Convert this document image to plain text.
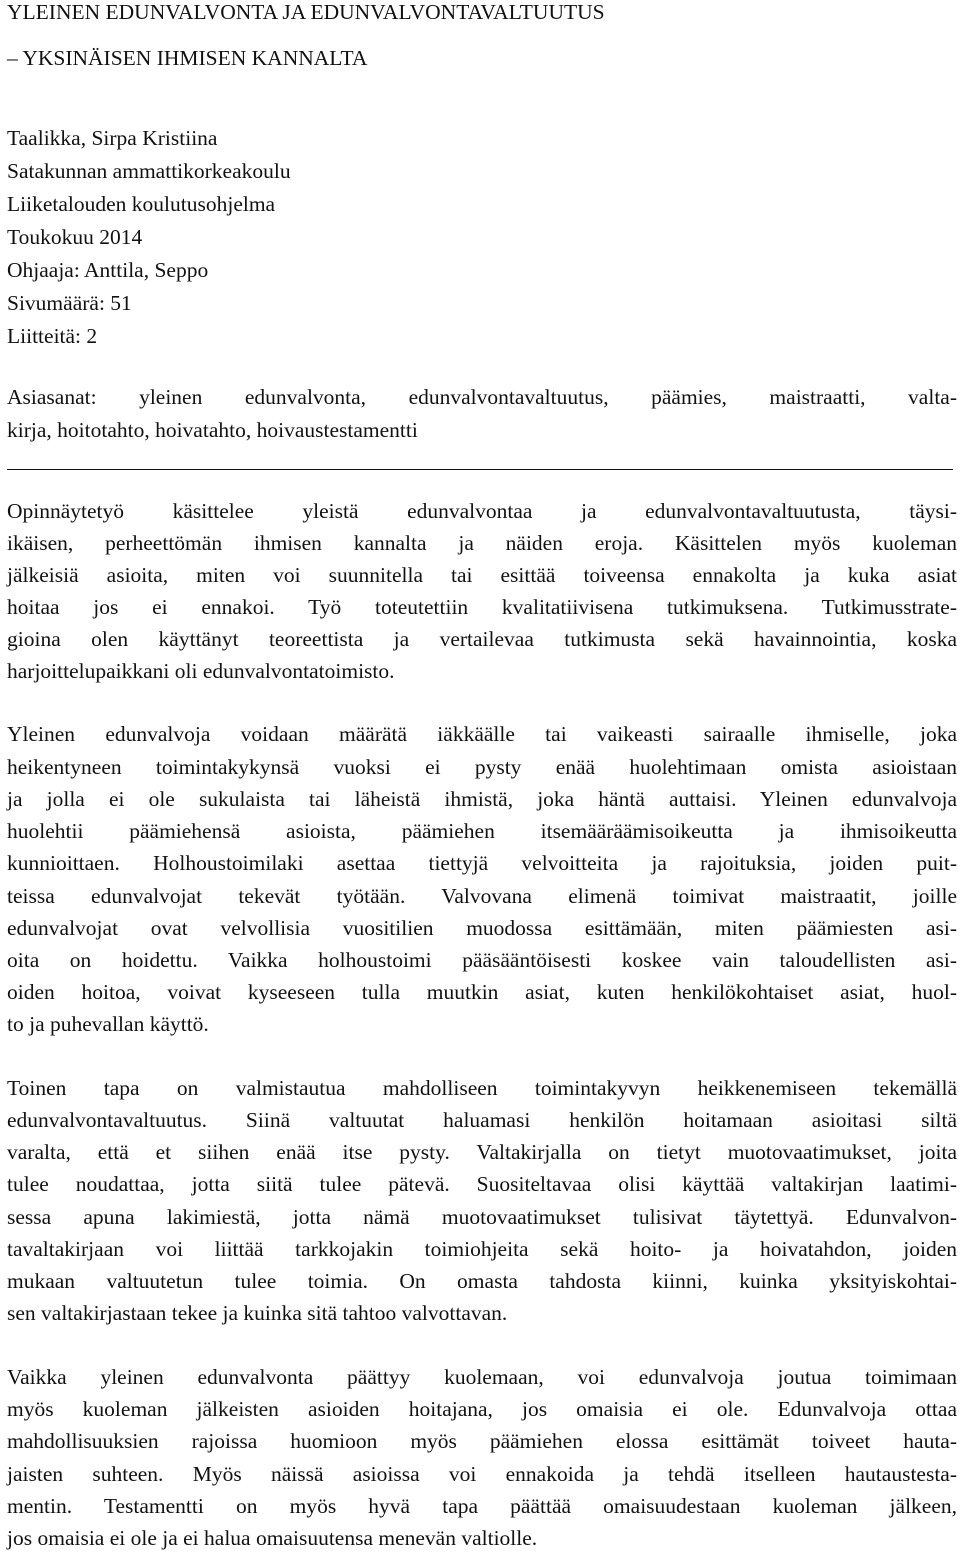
YLEINEN EDUNVALVONTA JA EDUNVALVONTAVALTUUTUS
– YKSINÄISEN IHMISEN KANNALTA
Taalikka, Sirpa Kristiina
Satakunnan ammattikorkeakoulu
Liiketalouden koulutusohjelma
Toukokuu 2014
Ohjaaja: Anttila, Seppo
Sivumäärä: 51
Liitteitä: 2
Asiasanat: yleinen edunvalvonta, edunvalvontavaltuutus, päämies, maistraatti, valta-
kirja, hoitotahto, hoivatahto, hoivaustestamentti
Opinnäytetyö käsittelee yleistä edunvalvontaa ja edunvalvontavaltuutusta, täysi-
ikäisen, perheettömän ihmisen kannalta ja näiden eroja. Käsittelen myös kuoleman
jälkeisiä asioita, miten voi suunnitella tai esittää toiveensa ennakolta ja kuka asiat
hoitaa jos ei ennakoi. Työ toteutettiin kvalitatiivisena tutkimuksena. Tutkimusstrate-
gioina olen käyttänyt teoreettista ja vertailevaa tutkimusta sekä havainnointia, koska
harjoittelupaikkani oli edunvalvontatoimisto.
Yleinen edunvalvoja voidaan määrätä iäkkäälle tai vaikeasti sairaalle ihmiselle, joka
heikentyneen toimintakykynsä vuoksi ei pysty enää huolehtimaan omista asioistaan
ja jolla ei ole sukulaista tai läheistä ihmistä, joka häntä auttaisi. Yleinen edunvalvoja
huolehtii päämiehensä asioista, päämiehen itsemääräämisoikeutta ja ihmisoikeutta
kunnioittaen. Holhoustoimilaki asettaa tiettyjä velvoitteita ja rajoituksia, joiden puit-
teissa edunvalvojat tekevät työtään. Valvovana elimenä toimivat maistraatit, joille
edunvalvojat ovat velvollisia vuositilien muodossa esittämään, miten päämiesten asi-
oita on hoidettu. Vaikka holhoustoimi pääsääntöisesti koskee vain taloudellisten asi-
oiden hoitoa, voivat kyseeseen tulla muutkin asiat, kuten henkilökohtaiset asiat, huol-
to ja puhevallan käyttö.
Toinen tapa on valmistautua mahdolliseen toimintakyvyn heikkenemiseen tekemällä
edunvalvontavaltuutus. Siinä valtuutat haluamasi henkilön hoitamaan asioitasi siltä
varalta, että et siihen enää itse pysty. Valtakirjalla on tietyt muotovaatimukset, joita
tulee noudattaa, jotta siitä tulee pätevä. Suositeltavaa olisi käyttää valtakirjan laatimi-
sessa apuna lakimiestä, jotta nämä muotovaatimukset tulisivat täytettyä. Edunvalvon-
tavaltakirjaan voi liittää tarkkojakin toimiohjeita sekä hoito- ja hoivatahdon, joiden
mukaan valtuutetun tulee toimia. On omasta tahdosta kiinni, kuinka yksityiskohtai-
sen valtakirjastaan tekee ja kuinka sitä tahtoo valvottavan.
Vaikka yleinen edunvalvonta päättyy kuolemaan, voi edunvalvoja joutua toimimaan
myös kuoleman jälkeisten asioiden hoitajana, jos omaisia ei ole. Edunvalvoja ottaa
mahdollisuuksien rajoissa huomioon myös päämiehen elossa esittämät toiveet hauta-
jaisten suhteen. Myös näissä asioissa voi ennakoida ja tehdä itselleen hautaustesta-
mentin. Testamentti on myös hyvä tapa päättää omaisuudestaan kuoleman jälkeen,
jos omaisia ei ole ja ei halua omaisuutensa menevän valtiolle.
